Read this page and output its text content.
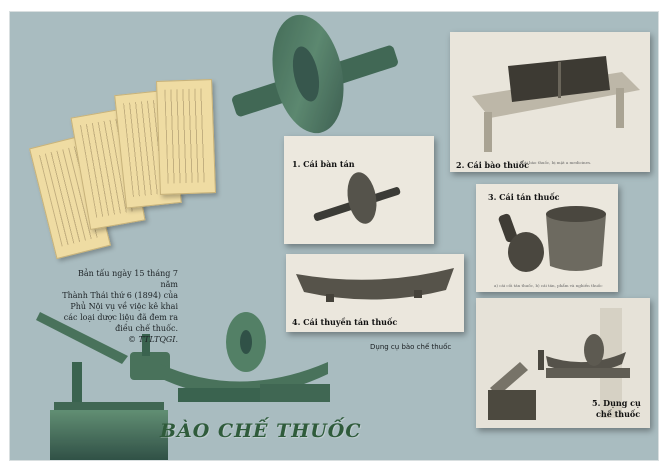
Bản tấu ngày 15 tháng 7 năm
Thành Thái thứ 6 (1894) của
Phủ Nội vụ về việc kê khai
các loại dược liệu đã đem ra
điều chế thuốc.
© TTLTQGI.
1. Cái bàn tán	2. Cái bào thuốc, bị mặt a medicines.
2. Cái bào thuốc
3. Cái tán thuốc
a) cái cối tán thuốc, b) cái tán, phẩm và nghiền thuốc
4. Cái thuyền tán thuốc
5. Dụng cụ
chế thuốc
Dụng cụ bào chế thuốc
BÀO CHẾ THUỐC
